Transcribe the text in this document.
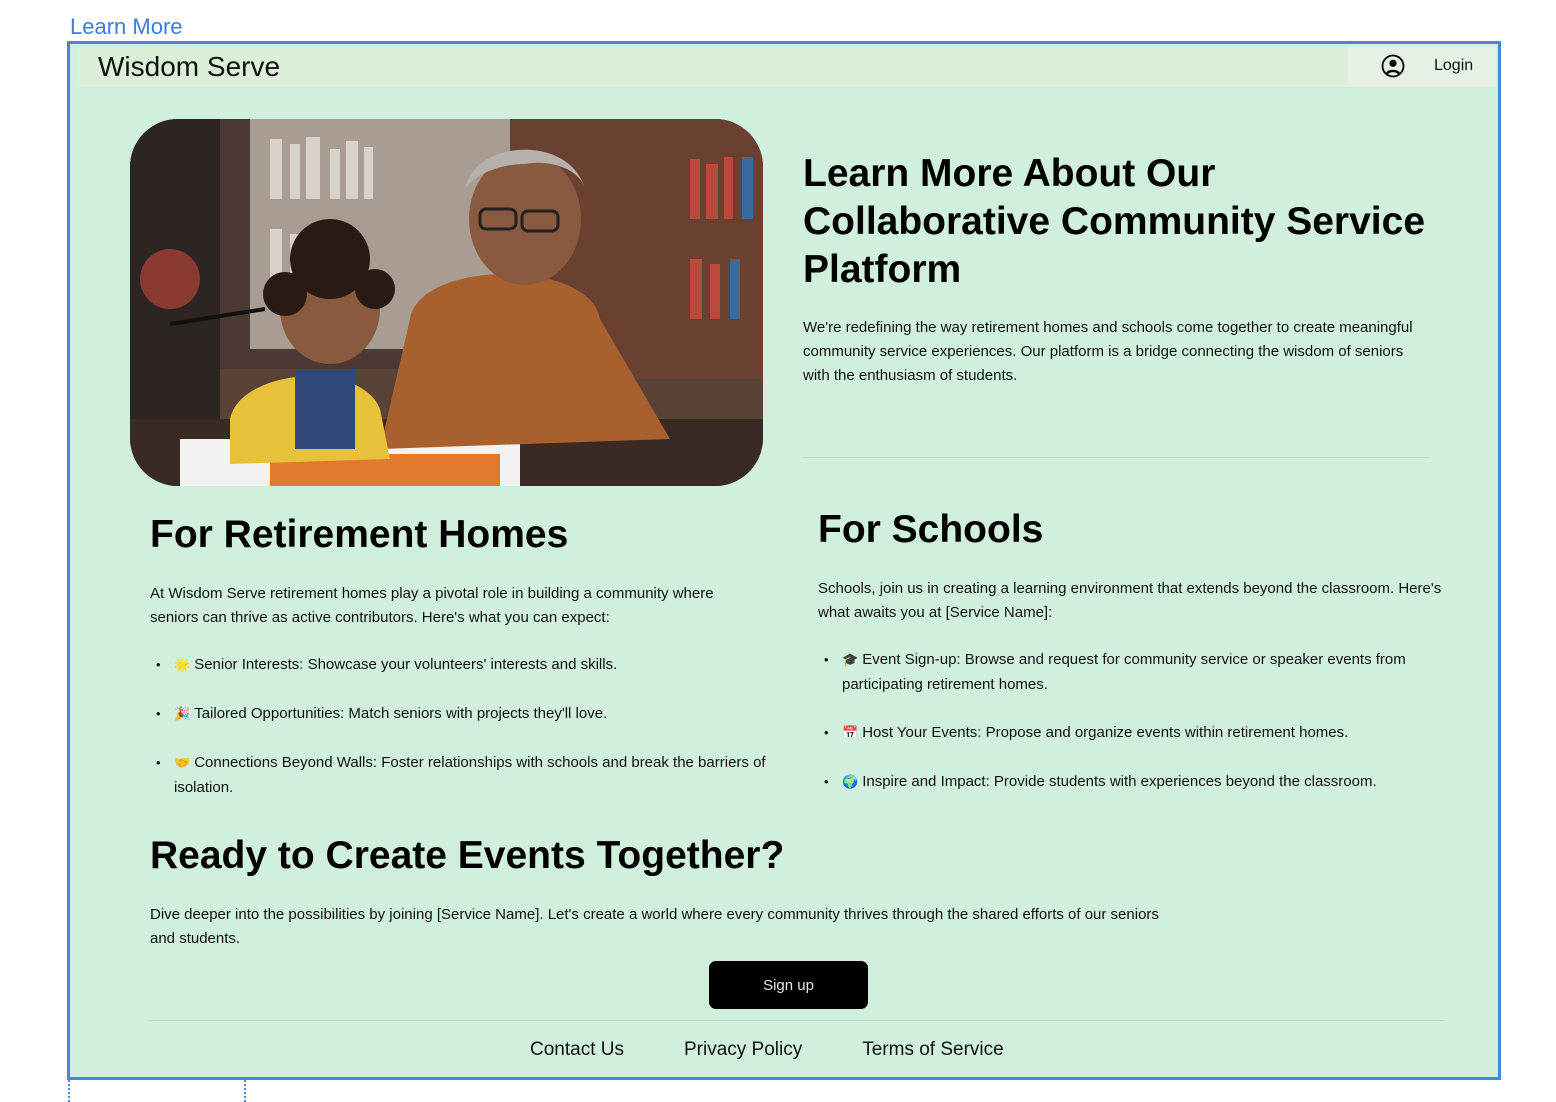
Learn More
Wisdom Serve	Login
Learn More About Our Collaborative Community Service Platform
We're redefining the way retirement homes and schools come together to create meaningful community service experiences. Our platform is a bridge connecting the wisdom of seniors with the enthusiasm of students.
For Retirement Homes
At Wisdom Serve retirement homes play a pivotal role in building a community where seniors can thrive as active contributors. Here's what you can expect:
• 🌟 Senior Interests: Showcase your volunteers' interests and skills.
• 🎉 Tailored Opportunities: Match seniors with projects they'll love.
• 🤝 Connections Beyond Walls: Foster relationships with schools and break the barriers of isolation.
For Schools
Schools, join us in creating a learning environment that extends beyond the classroom. Here's what awaits you at [Service Name]:
• 🎓 Event Sign-up: Browse and request for community service or speaker events from participating retirement homes.
• 📅 Host Your Events: Propose and organize events within retirement homes.
• 🌍 Inspire and Impact: Provide students with experiences beyond the classroom.
Ready to Create Events Together?
Dive deeper into the possibilities by joining [Service Name]. Let's create a world where every community thrives through the shared efforts of our seniors and students.
Sign up
Contact Us	Privacy Policy	Terms of Service
